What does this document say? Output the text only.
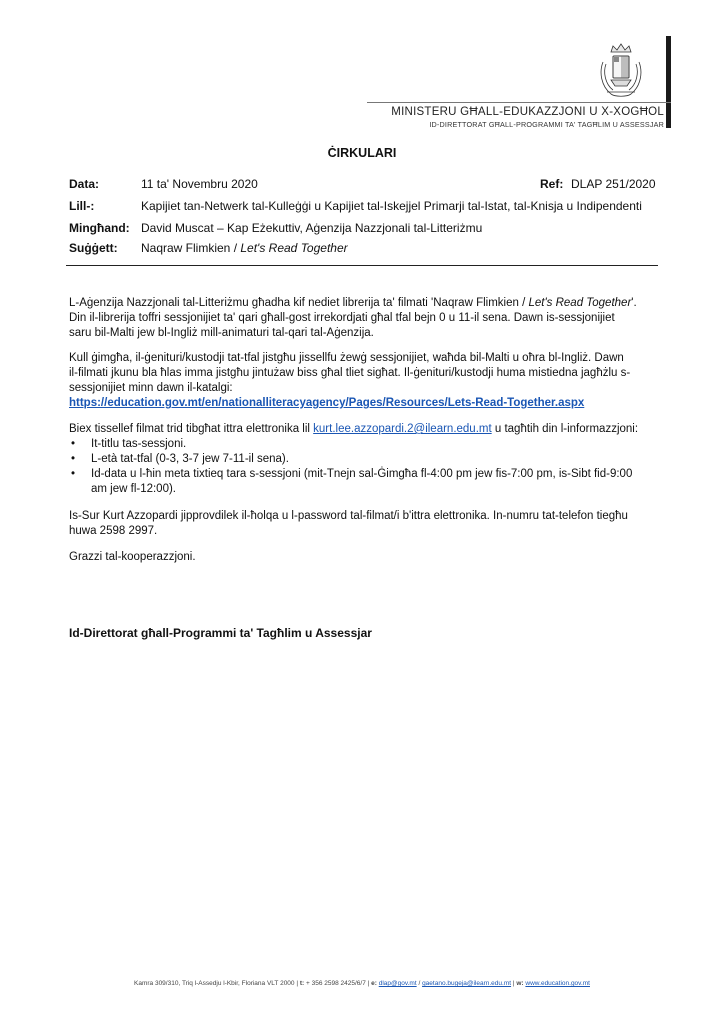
MINISTERU GĦALL-EDUKAZZJONI U X-XOGĦOL
ID-DIRETTORAT GĦALL-PROGRAMMI TA' TAGĦLIM U ASSESSJAR
ĊIRKULARI
Data:	11 ta' Novembru 2020	Ref: DLAP 251/2020
Lill-:	Kapijiet tan-Netwerk tal-Kulleġġi u Kapijiet tal-Iskejjel Primarji tal-Istat, tal-Knisja u Indipendenti
Mingħand: David Muscat – Kap Eżekuttiv, Aġenzija Nazzjonali tal-Litteriżmu
Suġġett: Naqraw Flimkien / Let's Read Together

L-Aġenzija Nazzjonali tal-Litteriżmu għadha kif nediet librerija ta' filmati 'Naqraw Flimkien / Let's Read Together'.

Din il-librerija toffri sessjonijiet ta' qari għall-gost irrekordjati għal tfal bejn 0 u 11-il sena. Dawn is-sessjonijiet

saru bil-Malti jew bl-Ingliż mill-animaturi tal-qari tal-Aġenzija.

Kull ġimgħa, il-ġenituri/kustodji tat-tfal jistgħu jissellfu żewġ sessjonijiet, waħda bil-Malti u oħra bl-Ingliż. Dawn

il-filmati jkunu bla ħlas imma jistgħu jintużaw biss għal tliet sigħat. Il-ġenituri/kustodji huma mistiedna jagħżlu s-

sessjonijiet minn dawn il-katalgi:

https://education.gov.mt/en/nationalliteracyagency/Pages/Resources/Lets-Read-Together.aspx

Biex tissellef filmat trid tibgħat ittra elettronika lil kurt.lee.azzopardi.2@ilearn.edu.mt u tagħtih din l-informazzjoni:

• It-titlu tas-sessjoni.
• L-età tat-tfal (0-3, 3-7 jew 7-11-il sena).
• Id-data u l-ħin meta tixtieq tara s-sessjoni (mit-Tnejn sal-Ġimgħa fl-4:00 pm jew fis-7:00 pm, is-Sibt fid-9:00
am jew fl-12:00).

Is-Sur Kurt Azzopardi jipprovdilek il-ħolqa u l-password tal-filmat/i b'ittra elettronika. In-numru tat-telefon tiegħu

huwa 2598 2997.

Grazzi tal-kooperazzjoni.

Id-Direttorat għall-Programmi ta' Tagħlim u Assessjar
Kamra 309/310, Triq l-Assedju l-Kbir, Floriana VLT 2000 | t: + 356 2598 2425/6/7 | e: dlap@gov.mt / gaetano.bugeja@ilearn.edu.mt | w: www.education.gov.mt
